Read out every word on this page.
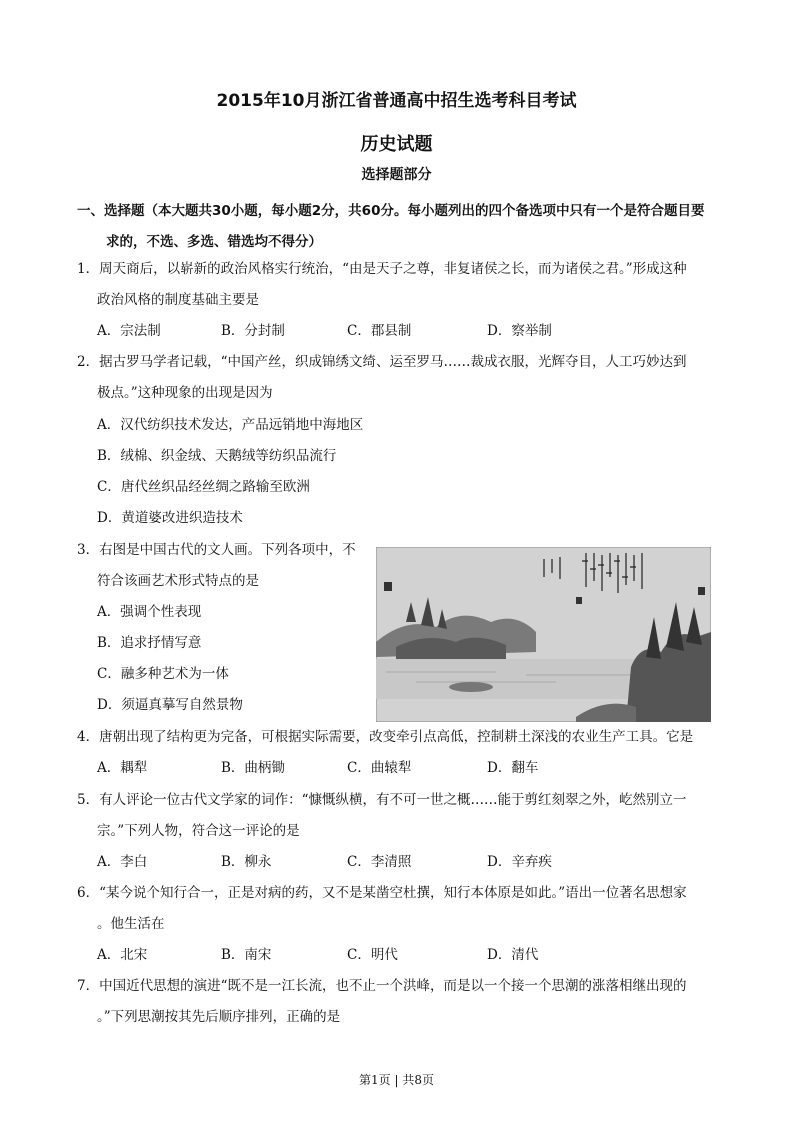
2015年10月浙江省普通高中招生选考科目考试
历史试题
选择题部分
一、选择题（本大题共30小题，每小题2分，共60分。每小题列出的四个备选项中只有一个是符合题目要
求的，不选、多选、错选均不得分）
1．周天商后，以崭新的政治风格实行统治，“由是天子之尊，非复诸侯之长，而为诸侯之君。”形成这种
政治风格的制度基础主要是
A．宗法制	B．分封制	C．郡县制	D．察举制
2．据古罗马学者记载，“中国产丝，织成锦绣文绮、运至罗马……裁成衣服，光辉夺目，人工巧妙达到
极点。”这种现象的出现是因为
A．汉代纺织技术发达，产品远销地中海地区
B．绒棉、织金绒、天鹅绒等纺织品流行
C．唐代丝织品经丝绸之路输至欧洲
D．黄道婆改进织造技术
3．右图是中国古代的文人画。下列各项中，不
符合该画艺术形式特点的是
A．强调个性表现
B．追求抒情写意
C．融多种艺术为一体
D．须逼真摹写自然景物
4．唐朝出现了结构更为完备，可根据实际需要，改变牵引点高低，控制耕土深浅的农业生产工具。它是
A．耦犁	B．曲柄锄	C．曲辕犁	D．翻车
5．有人评论一位古代文学家的词作：“慷慨纵横，有不可一世之概……能于剪红刻翠之外，屹然别立一
宗。”下列人物，符合这一评论的是
A．李白	B．柳永	C．李清照	D．辛弃疾
6．“某今说个知行合一，正是对病的药，又不是某凿空杜撰，知行本体原是如此。”语出一位著名思想家
。他生活在
A．北宋	B．南宋	C．明代	D．清代
7．中国近代思想的演进“既不是一江长流，也不止一个洪峰，而是以一个接一个思潮的涨落相继出现的
。”下列思潮按其先后顺序排列，正确的是
第1页 | 共8页
